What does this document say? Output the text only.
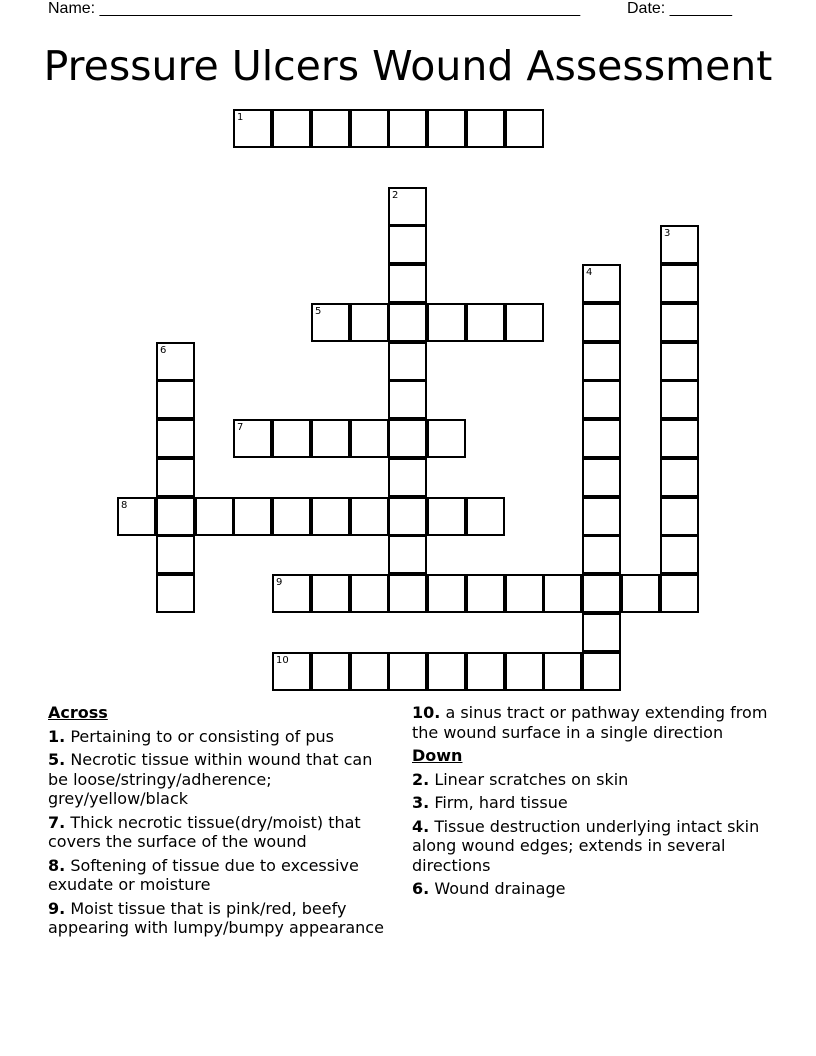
Name: ______________________________________________________	Date: _______
Pressure Ulcers Wound Assessment
1
2
3
4
5
6
7
8
9
10
Across
1. Pertaining to or consisting of pus
5. Necrotic tissue within wound that can be loose/stringy/adherence; grey/yellow/black
7. Thick necrotic tissue(dry/moist) that covers the surface of the wound
8. Softening of tissue due to excessive exudate or moisture
9. Moist tissue that is pink/red, beefy appearing with lumpy/bumpy appearance
10. a sinus tract or pathway extending from the wound surface in a single direction
Down
2. Linear scratches on skin
3. Firm, hard tissue
4. Tissue destruction underlying intact skin along wound edges; extends in several directions
6. Wound drainage
